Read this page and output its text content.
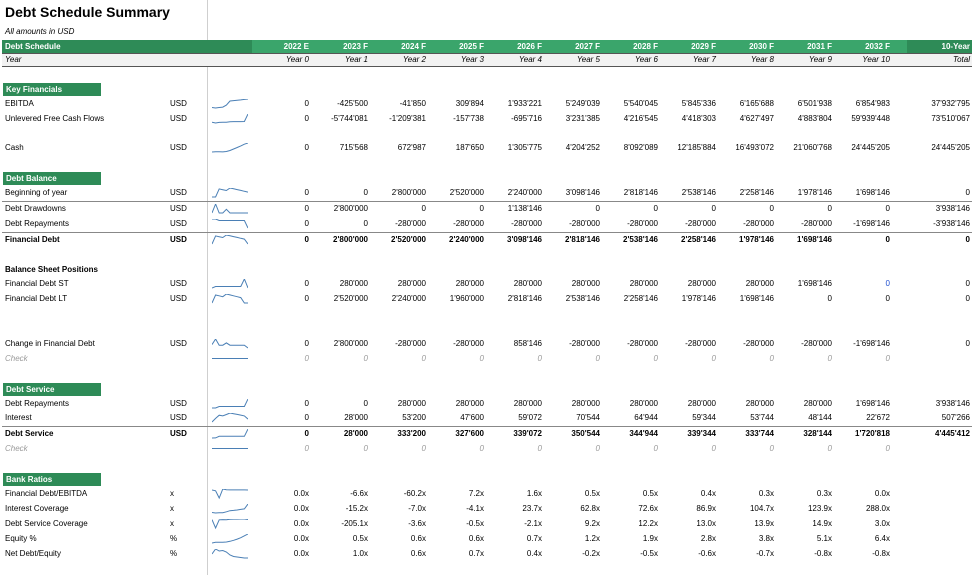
Debt Schedule Summary
All amounts in USD
Debt Schedule	2022 E	2023 F	2024 F	2025 F	2026 F	2027 F	2028 F	2029 F	2030 F	2031 F	2032 F	10-Year
Year	Year 0	Year 1	Year 2	Year 3	Year 4	Year 5	Year 6	Year 7	Year 8	Year 9	Year 10	Total
Key Financials
EBITDA	USD	0	-425'500	-41'850	309'894	1'933'221	5'249'039	5'540'045	5'845'336	6'165'688	6'501'938	6'854'983	37'932'795
Unlevered Free Cash Flows	USD	0	-5'744'081	-1'209'381	-157'738	-695'716	3'231'385	4'216'545	4'418'303	4'627'497	4'883'804	59'939'448	73'510'067
Cash	USD	0	715'568	672'987	187'650	1'305'775	4'204'252	8'092'089	12'185'884	16'493'072	21'060'768	24'445'205	24'445'205
Debt Balance
Beginning of year	USD	0	0	2'800'000	2'520'000	2'240'000	3'098'146	2'818'146	2'538'146	2'258'146	1'978'146	1'698'146	0
Debt Drawdowns	USD	0	2'800'000	0	0	1'138'146	0	0	0	0	0	0	3'938'146
Debt Repayments	USD	0	0	-280'000	-280'000	-280'000	-280'000	-280'000	-280'000	-280'000	-280'000	-1'698'146	-3'938'146
Financial Debt	USD	0	2'800'000	2'520'000	2'240'000	3'098'146	2'818'146	2'538'146	2'258'146	1'978'146	1'698'146	0	0
Balance Sheet Positions
Financial Debt ST	USD	0	280'000	280'000	280'000	280'000	280'000	280'000	280'000	280'000	1'698'146	0	0
Financial Debt LT	USD	0	2'520'000	2'240'000	1'960'000	2'818'146	2'538'146	2'258'146	1'978'146	1'698'146	0	0	0
Change in Financial Debt	USD	0	2'800'000	-280'000	-280'000	858'146	-280'000	-280'000	-280'000	-280'000	-280'000	-1'698'146	0
Check	0	0	0	0	0	0	0	0	0	0	0
Debt Service
Debt Repayments	USD	0	0	280'000	280'000	280'000	280'000	280'000	280'000	280'000	280'000	1'698'146	3'938'146
Interest	USD	0	28'000	53'200	47'600	59'072	70'544	64'944	59'344	53'744	48'144	22'672	507'266
Debt Service	USD	0	28'000	333'200	327'600	339'072	350'544	344'944	339'344	333'744	328'144	1'720'818	4'445'412
Check	0	0	0	0	0	0	0	0	0	0	0
Bank Ratios
Financial Debt/EBITDA	x	0.0x	-6.6x	-60.2x	7.2x	1.6x	0.5x	0.5x	0.4x	0.3x	0.3x	0.0x
Interest Coverage	x	0.0x	-15.2x	-7.0x	-4.1x	23.7x	62.8x	72.6x	86.9x	104.7x	123.9x	288.0x
Debt Service Coverage	x	0.0x	-205.1x	-3.6x	-0.5x	-2.1x	9.2x	12.2x	13.0x	13.9x	14.9x	3.0x
Equity %	%	0.0x	0.5x	0.6x	0.6x	0.7x	1.2x	1.9x	2.8x	3.8x	5.1x	6.4x
Net Debt/Equity	%	0.0x	1.0x	0.6x	0.7x	0.4x	-0.2x	-0.5x	-0.6x	-0.7x	-0.8x	-0.8x
